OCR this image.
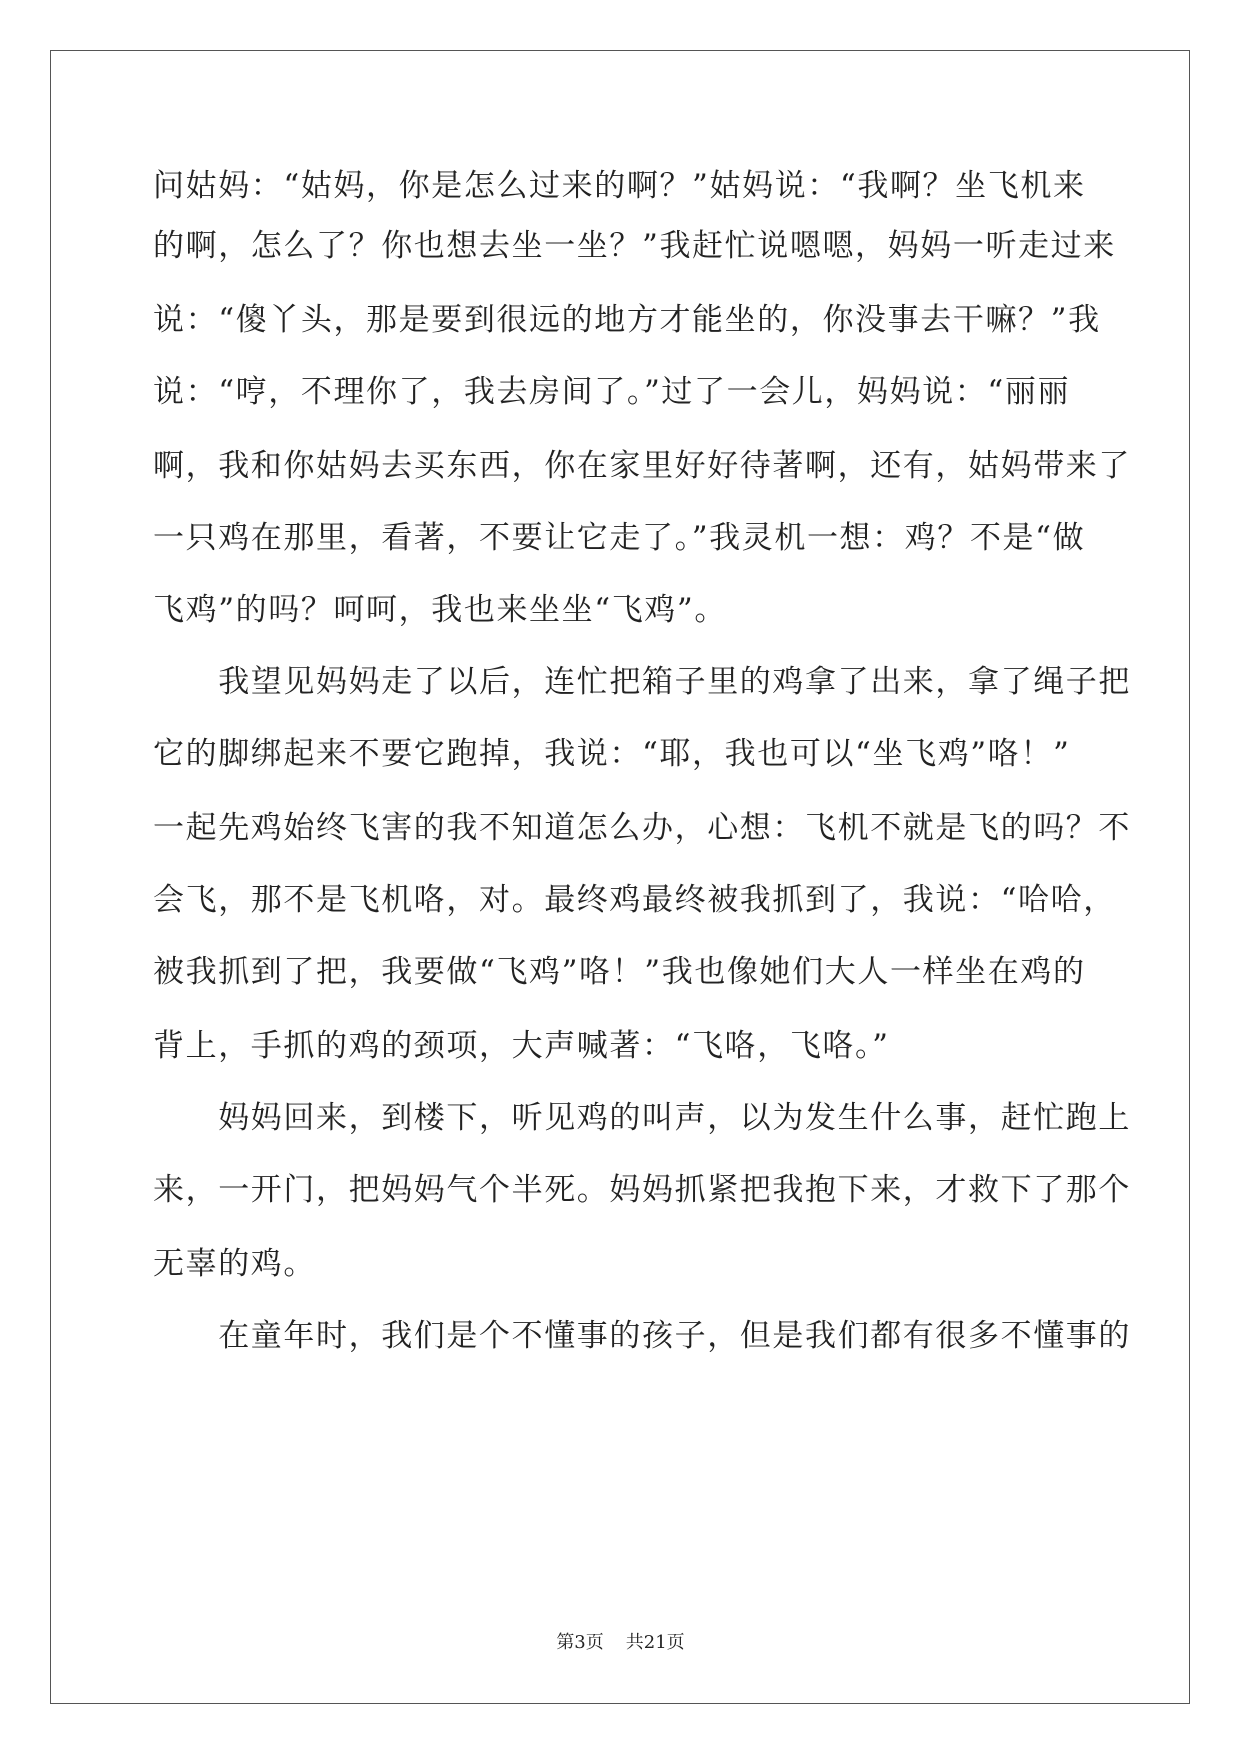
问姑妈：“姑妈，你是怎么过来的啊？”姑妈说：“我啊？坐飞机来
的啊，怎么了？你也想去坐一坐？”我赶忙说嗯嗯，妈妈一听走过来
说：“傻丫头，那是要到很远的地方才能坐的，你没事去干嘛？”我
说：“哼，不理你了，我去房间了。”过了一会儿，妈妈说：“丽丽
啊，我和你姑妈去买东西，你在家里好好待著啊，还有，姑妈带来了
一只鸡在那里，看著，不要让它走了。”我灵机一想：鸡？不是“做
飞鸡”的吗？呵呵，我也来坐坐“飞鸡”。
　　我望见妈妈走了以后，连忙把箱子里的鸡拿了出来，拿了绳子把
它的脚绑起来不要它跑掉，我说：“耶，我也可以“坐飞鸡”咯！”
一起先鸡始终飞害的我不知道怎么办，心想：飞机不就是飞的吗？不
会飞，那不是飞机咯，对。最终鸡最终被我抓到了，我说：“哈哈，
被我抓到了把，我要做“飞鸡”咯！”我也像她们大人一样坐在鸡的
背上，手抓的鸡的颈项，大声喊著：“飞咯，飞咯。”
　　妈妈回来，到楼下，听见鸡的叫声，以为发生什么事，赶忙跑上
来，一开门，把妈妈气个半死。妈妈抓紧把我抱下来，才救下了那个
无辜的鸡。
　　在童年时，我们是个不懂事的孩子，但是我们都有很多不懂事的
第3页 共21页
